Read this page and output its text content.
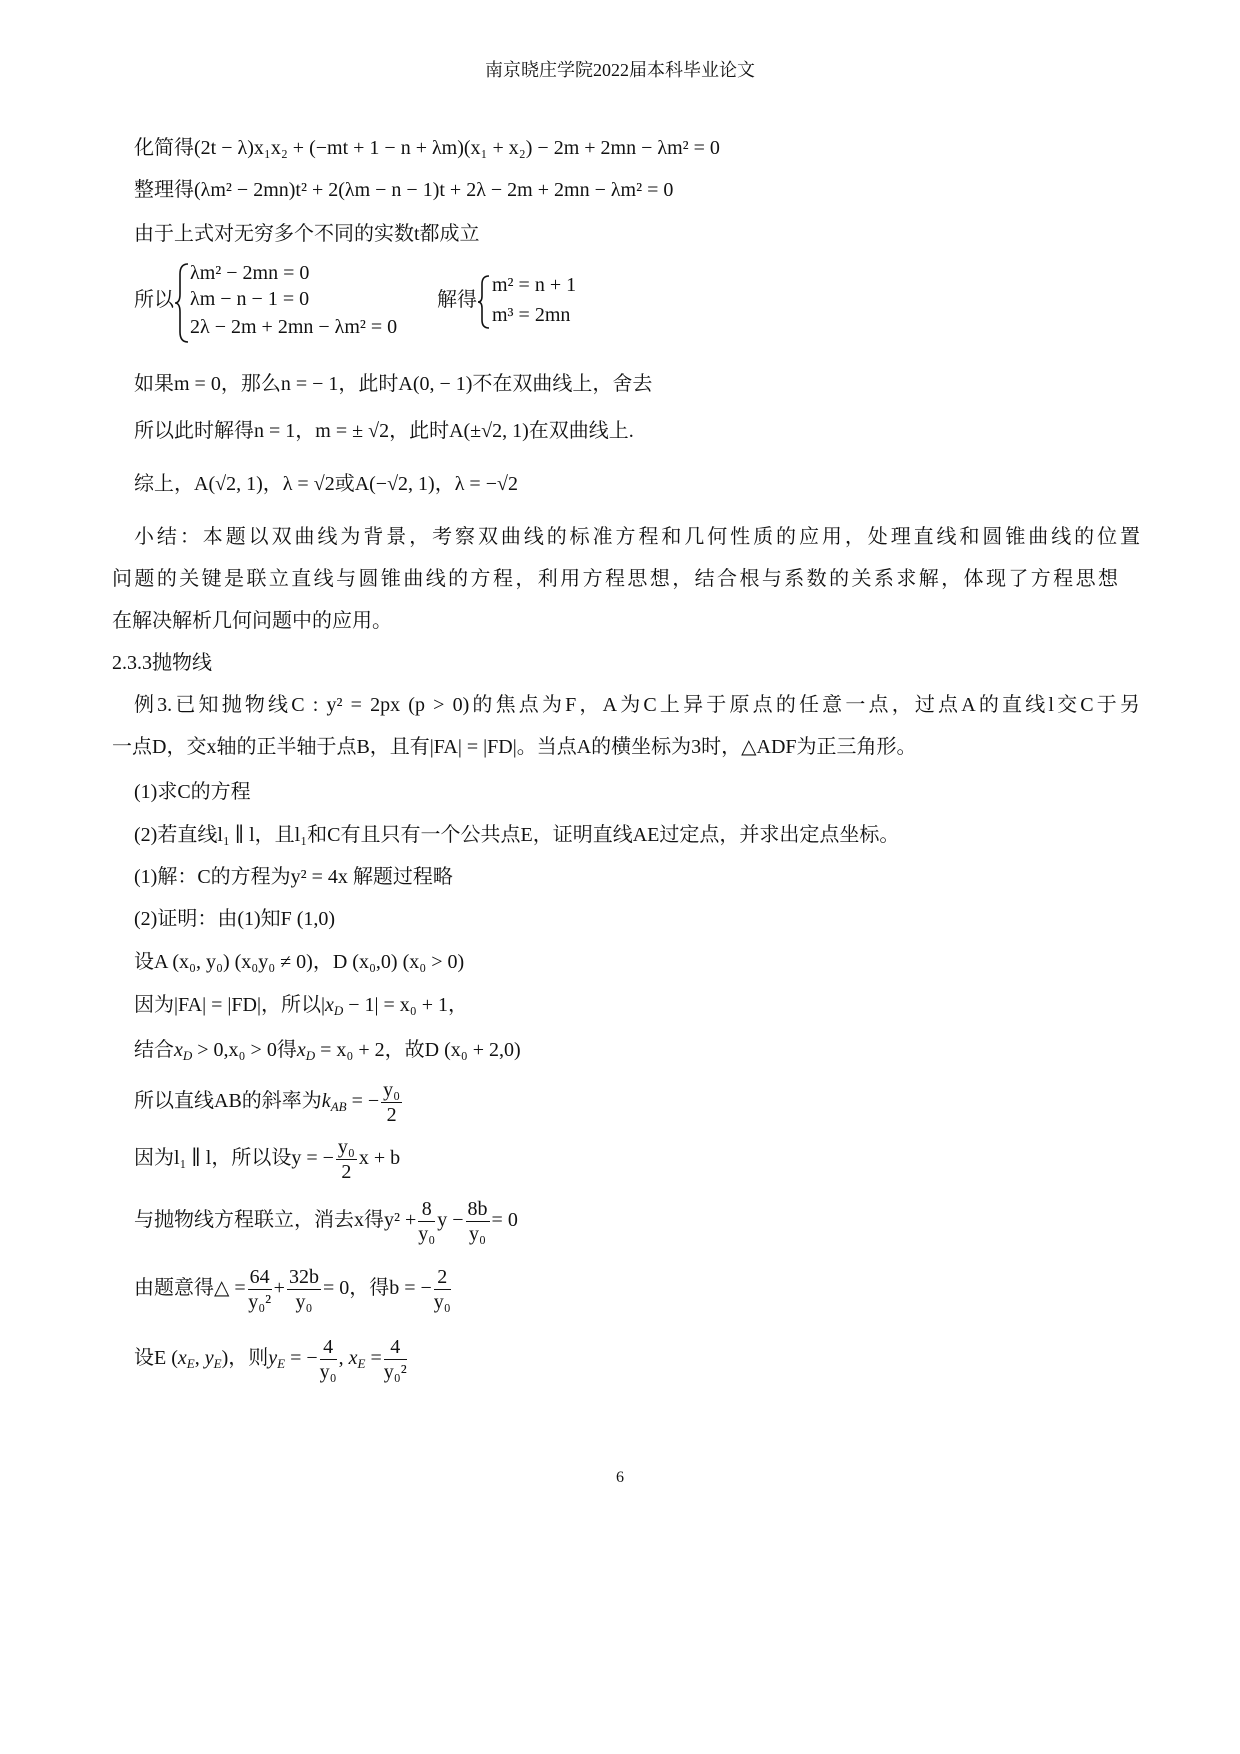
南京晓庄学院2022届本科毕业论文
化简得(2t − λ)x₁x₂ + (−mt + 1 − n + λm)(x₁ + x₂) − 2m + 2mn − λm² = 0
整理得(λm² − 2mn)t² + 2(λm − n − 1)t + 2λ − 2m + 2mn − λm² = 0
由于上式对无穷多个不同的实数t都成立
如果m = 0，那么n = − 1，此时A(0, − 1)不在双曲线上，舍去
所以此时解得n = 1，m = ± √2，此时A(±√2, 1)在双曲线上.
综上，A(√2, 1)，λ = √2或A(−√2, 1)，λ = −√2
小结：本题以双曲线为背景，考察双曲线的标准方程和几何性质的应用，处理直线和圆锥曲线的位置
问题的关键是联立直线与圆锥曲线的方程，利用方程思想，结合根与系数的关系求解，体现了方程思想
在解决解析几何问题中的应用。
2.3.3抛物线
例3.已知抛物线C : y² = 2px (p > 0)的焦点为F，A为C上异于原点的任意一点，过点A的直线l交C于另
一点D，交x轴的正半轴于点B，且有|FA| = |FD|。当点A的横坐标为3时，△ADF为正三角形。
(1)求C的方程
(2)若直线l₁ ∥ l，且l₁和C有且只有一个公共点E，证明直线AE过定点，并求出定点坐标。
(1)解：C的方程为y² = 4x 解题过程略
(2)证明：由(1)知F (1,0)
设A (x₀, y₀) (x₀y₀ ≠ 0)，D (x₀,0) (x₀ > 0)
因为|FA| = |FD|，所以$|x_D - 1| = x_0 + 1$，
结合$x_D > 0,x_0 > 0$得$x_D = x_0 + 2$，故D (x₀ + 2,0)
所以直线AB的斜率为$k_{AB}$ = − $\frac{\text{y₀}}{2}$
因为l₁ ∥ l，所以设y = − $\frac{\text{y₀}}{2}$ x + b
与抛物线方程联立，消去x得$y^2 + \frac{8}{\text{y₀}}$ $y - \frac{8b}{\text{y₀}} = 0$
由题意得△ = $\frac{64}{\text{y₀²}} + \frac{32b}{\text{y₀}} = 0$，得b = − $\frac{2}{\text{y₀}}$
设E ($x_E$, $y_E$)，则$y_E$ = − $\frac{4}{\text{y₀}}$ , $x_E = \frac{4}{\text{y₀²}}$
所以
λm² − 2mn = 0
λm − n − 1 = 0
2λ − 2m + 2mn − λm² = 0
解得
m² = n + 1
m³ = 2mn
6
